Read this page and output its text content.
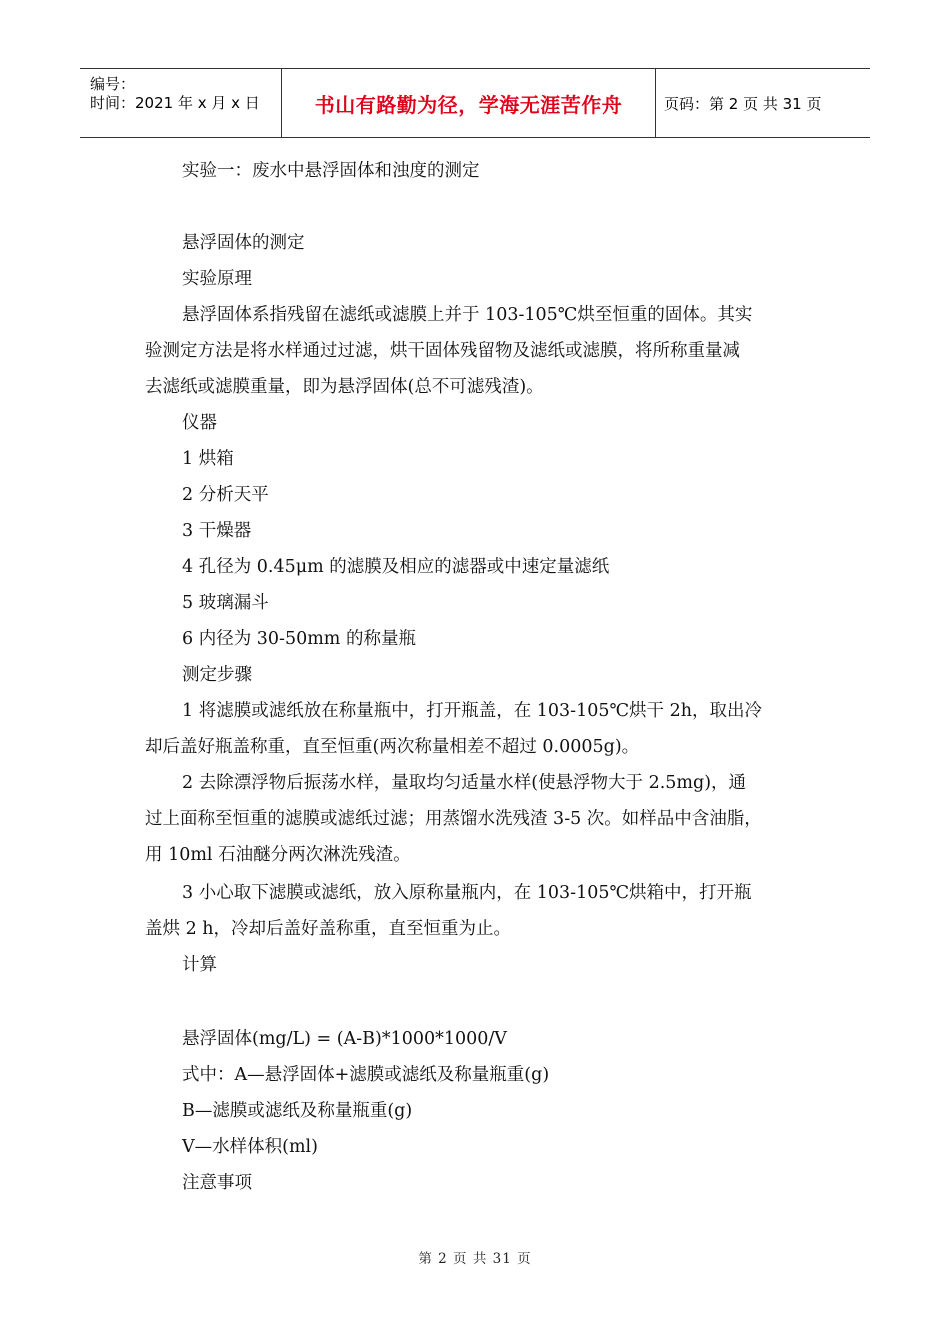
编号：
时间：2021 年 x 月 x 日	书山有路勤为径，学海无涯苦作舟	页码：第 2 页 共 31 页
实验一：废水中悬浮固体和浊度的测定
悬浮固体的测定
实验原理
悬浮固体系指残留在滤纸或滤膜上并于 103-105℃烘至恒重的固体。其实
验测定方法是将水样通过过滤，烘干固体残留物及滤纸或滤膜，将所称重量减
去滤纸或滤膜重量，即为悬浮固体(总不可滤残渣)。
仪器
1 烘箱
2 分析天平
3 干燥器
4 孔径为 0.45μm 的滤膜及相应的滤器或中速定量滤纸
5 玻璃漏斗
6 内径为 30-50mm 的称量瓶
测定步骤
1 将滤膜或滤纸放在称量瓶中，打开瓶盖，在 103-105℃烘干 2h，取出冷
却后盖好瓶盖称重，直至恒重(两次称量相差不超过 0.0005g)。
2 去除漂浮物后振荡水样，量取均匀适量水样(使悬浮物大于 2.5mg)，通
过上面称至恒重的滤膜或滤纸过滤；用蒸馏水洗残渣 3-5 次。如样品中含油脂，
用 10ml 石油醚分两次淋洗残渣。
3 小心取下滤膜或滤纸，放入原称量瓶内，在 103-105℃烘箱中，打开瓶
盖烘 2 h，冷却后盖好盖称重，直至恒重为止。
计算
悬浮固体(mg/L) = (A-B)*1000*1000/V
式中：A—悬浮固体+滤膜或滤纸及称量瓶重(g)
B—滤膜或滤纸及称量瓶重(g)
V—水样体积(ml)
注意事项
第 2 页 共 31 页
